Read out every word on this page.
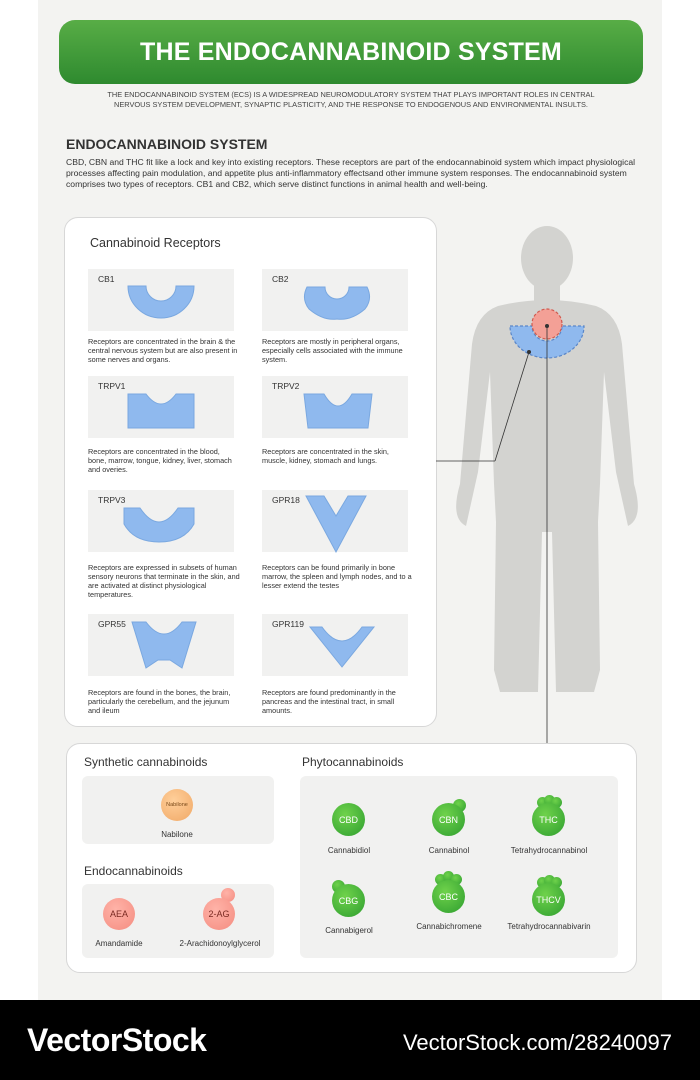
THE ENDOCANNABINOID SYSTEM
THE ENDOCANNABINOID SYSTEM (ECS) IS A WIDESPREAD NEUROMODULATORY SYSTEM THAT PLAYS IMPORTANT ROLES IN CENTRAL NERVOUS SYSTEM DEVELOPMENT, SYNAPTIC PLASTICITY, AND THE RESPONSE TO ENDOGENOUS AND ENVIRONMENTAL INSULTS.
ENDOCANNABINOID SYSTEM
CBD, CBN and THC fit like a lock and key into existing receptors. These receptors are part of the endocannabinoid system which impact physiological processes affecting pain modulation, and appetite plus anti-inflammatory effectsand other immune system responses. The endocannabinoid system comprises two types of receptors. CB1 and CB2, which serve distinct functions in animal health and well-being.
Cannabinoid Receptors
CB1
Receptors are concentrated in the brain & the central nervous system but are also present in some nerves and organs.
CB2
Receptors are mostly in peripheral organs, especially cells associated with the immune system.
TRPV1
Receptors are concentrated in the blood, bone, marrow, tongue, kidney, liver, stomach and overies.
TRPV2
Receptors are concentrated in the skin, muscle, kidney, stomach and lungs.
TRPV3
Receptors are expressed in subsets of human sensory neurons that terminate in the skin, and are activated at distinct physiological temperatures.
GPR18
Receptors can be found primarily in bone marrow, the spleen and lymph nodes, and to a lesser extend the testes
GPR55
Receptors are found in the bones, the brain, particularly the cerebellum, and the jejunum and ileum
GPR119
Receptors are found predominantly in the pancreas and the intestinal tract, in small amounts.
Synthetic cannabinoids
Nabilone
Nabilone
Endocannabinoids
AEA
Amandamide
2-AG
2-Arachidonoylglycerol
Phytocannabinoids
CBD
Cannabidiol
CBN
Cannabinol
THC
Tetrahydrocannabinol
CBG
Cannabigerol
CBC
Cannabichromene
THCV
Tetrahydrocannabivarin
VectorStock	VectorStock.com/28240097
